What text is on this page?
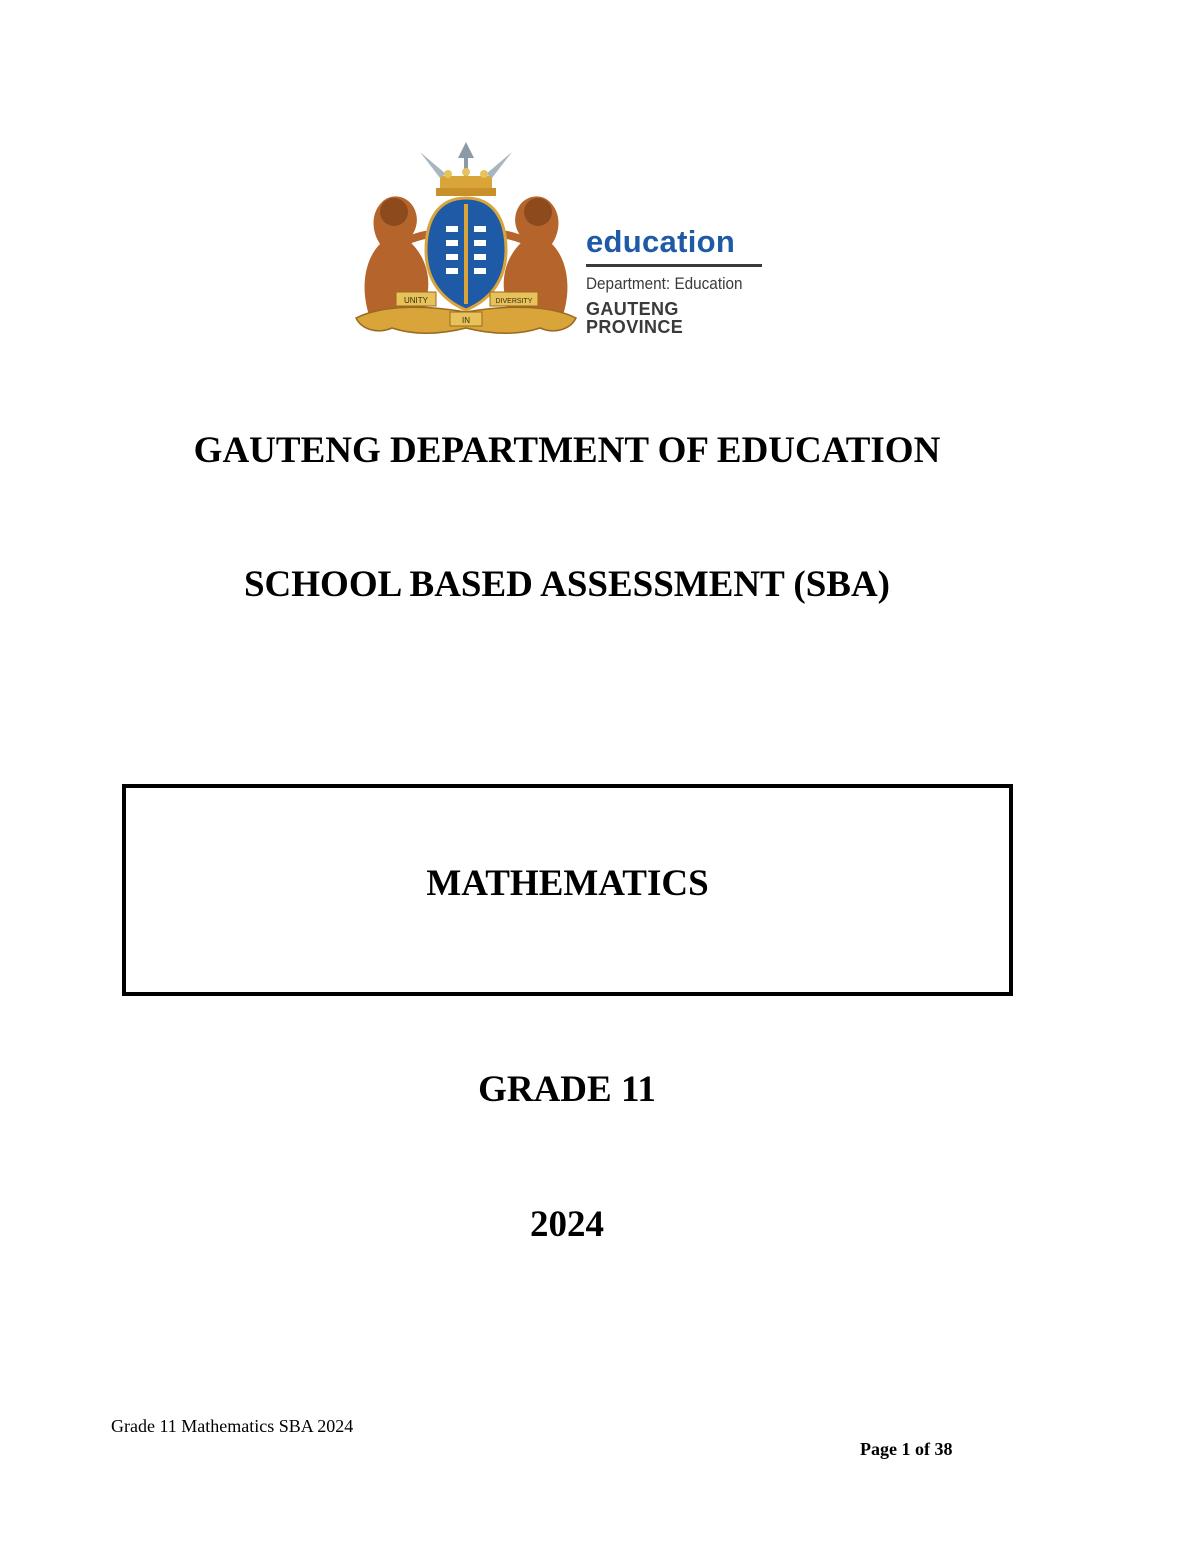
UNITY
IN
DIVERSITY
education
Department: Education
GAUTENG PROVINCE
GAUTENG DEPARTMENT OF EDUCATION
SCHOOL BASED ASSESSMENT (SBA)
MATHEMATICS
GRADE 11
2024
Grade 11 Mathematics SBA 2024
Page 1 of 38
